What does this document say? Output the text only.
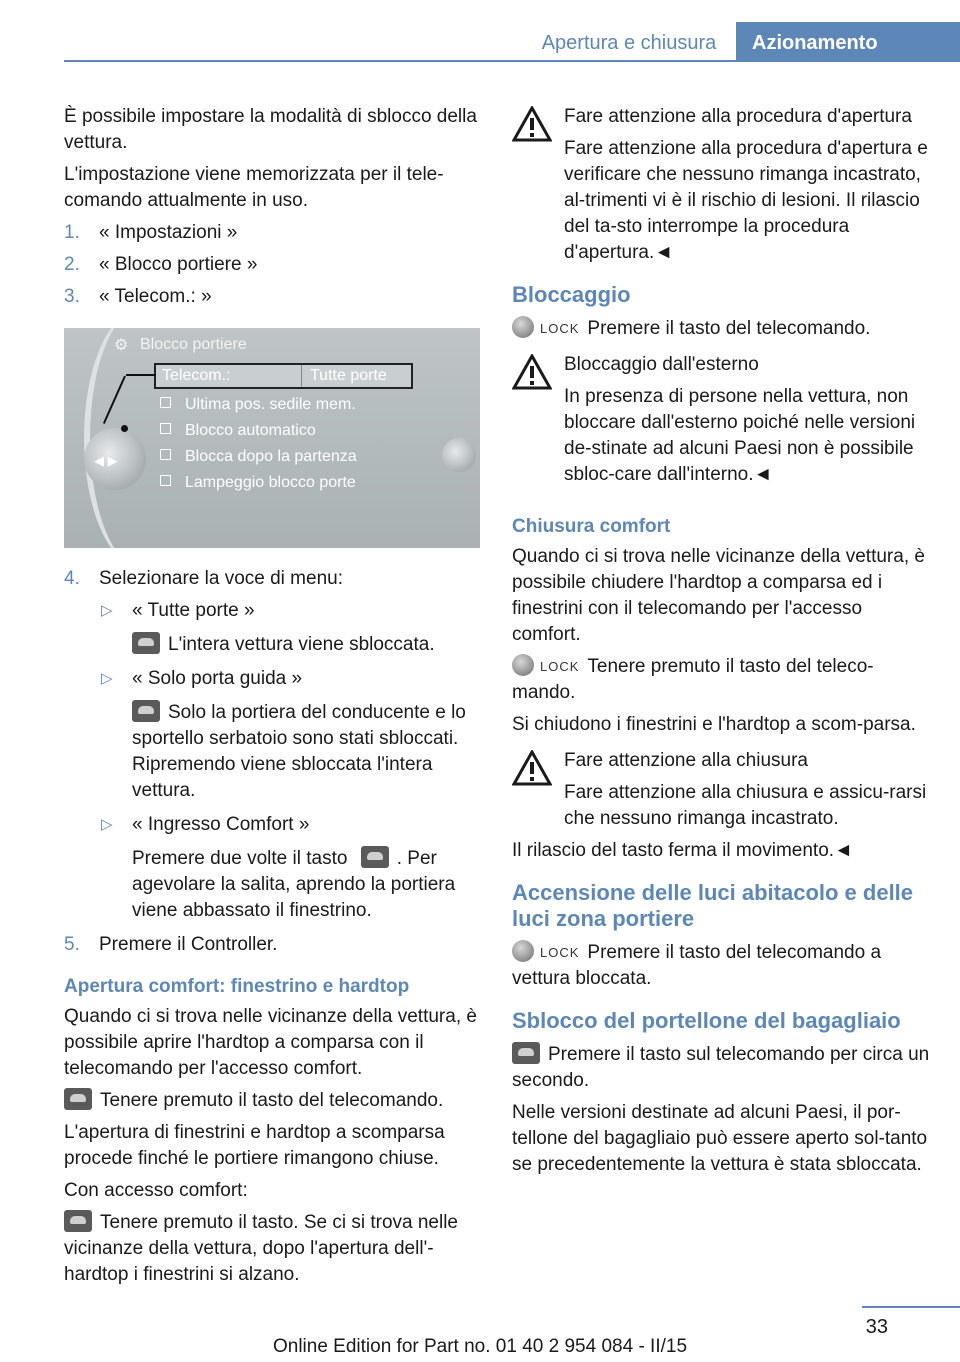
Apertura e chiusura	Azionamento

È possibile impostare la modalità di sblocco della vettura.

L'impostazione viene memorizzata per il tele-comando attualmente in uso.

1. « Impostazioni »
2. « Blocco portiere »
3. « Telecom.: »
⚙ Blocco portiere
Telecom.:	Tutte porte
Ultima pos. sedile mem.
Blocco automatico
Blocca dopo la partenza
Lampeggio blocco porte
◀ ▶
4. Selezionare la voce di menu:
▷ « Tutte porte »
L'intera vettura viene sbloccata.
▷ « Solo porta guida »
Solo la portiera del conducente e lo sportello serbatoio sono stati sbloccati. Ripremendo viene sbloccata l'intera vettura.
▷ « Ingresso Comfort »
Premere due volte il tasto	. Per agevolare la salita, aprendo la portiera viene abbassato il finestrino.
5. Premere il Controller.
Apertura comfort: finestrino e hardtop

Quando ci si trova nelle vicinanze della vettura, è possibile aprire l'hardtop a comparsa con il telecomando per l'accesso comfort.

Tenere premuto il tasto del telecomando.

L'apertura di finestrini e hardtop a scomparsa procede finché le portiere rimangono chiuse.

Con accesso comfort:

Tenere premuto il tasto. Se ci si trova nelle vicinanze della vettura, dopo l'apertura dell'-hardtop i finestrini si alzano.

Fare attenzione alla procedura d'apertura

Fare attenzione alla procedura d'apertura e verificare che nessuno rimanga incastrato, al-trimenti vi è il rischio di lesioni. Il rilascio del ta-sto interrompe la procedura d'apertura.◄

Bloccaggio

LOCK Premere il tasto del telecomando.

Bloccaggio dall'esterno

In presenza di persone nella vettura, non bloccare dall'esterno poiché nelle versioni de-stinate ad alcuni Paesi non è possibile sbloc-care dall'interno.◄

Chiusura comfort

Quando ci si trova nelle vicinanze della vettura, è possibile chiudere l'hardtop a comparsa ed i finestrini con il telecomando per l'accesso comfort.

LOCK Tenere premuto il tasto del teleco-mando.

Si chiudono i finestrini e l'hardtop a scom-parsa.

Fare attenzione alla chiusura

Fare attenzione alla chiusura e assicu-rarsi che nessuno rimanga incastrato.

Il rilascio del tasto ferma il movimento.◄

Accensione delle luci abitacolo e delle luci zona portiere

LOCK Premere il tasto del telecomando a vettura bloccata.

Sblocco del portellone del bagagliaio

Premere il tasto sul telecomando per circa un secondo.

Nelle versioni destinate ad alcuni Paesi, il por-tellone del bagagliaio può essere aperto sol-tanto se precedentemente la vettura è stata sbloccata.

33
Online Edition for Part no. 01 40 2 954 084 - II/15
